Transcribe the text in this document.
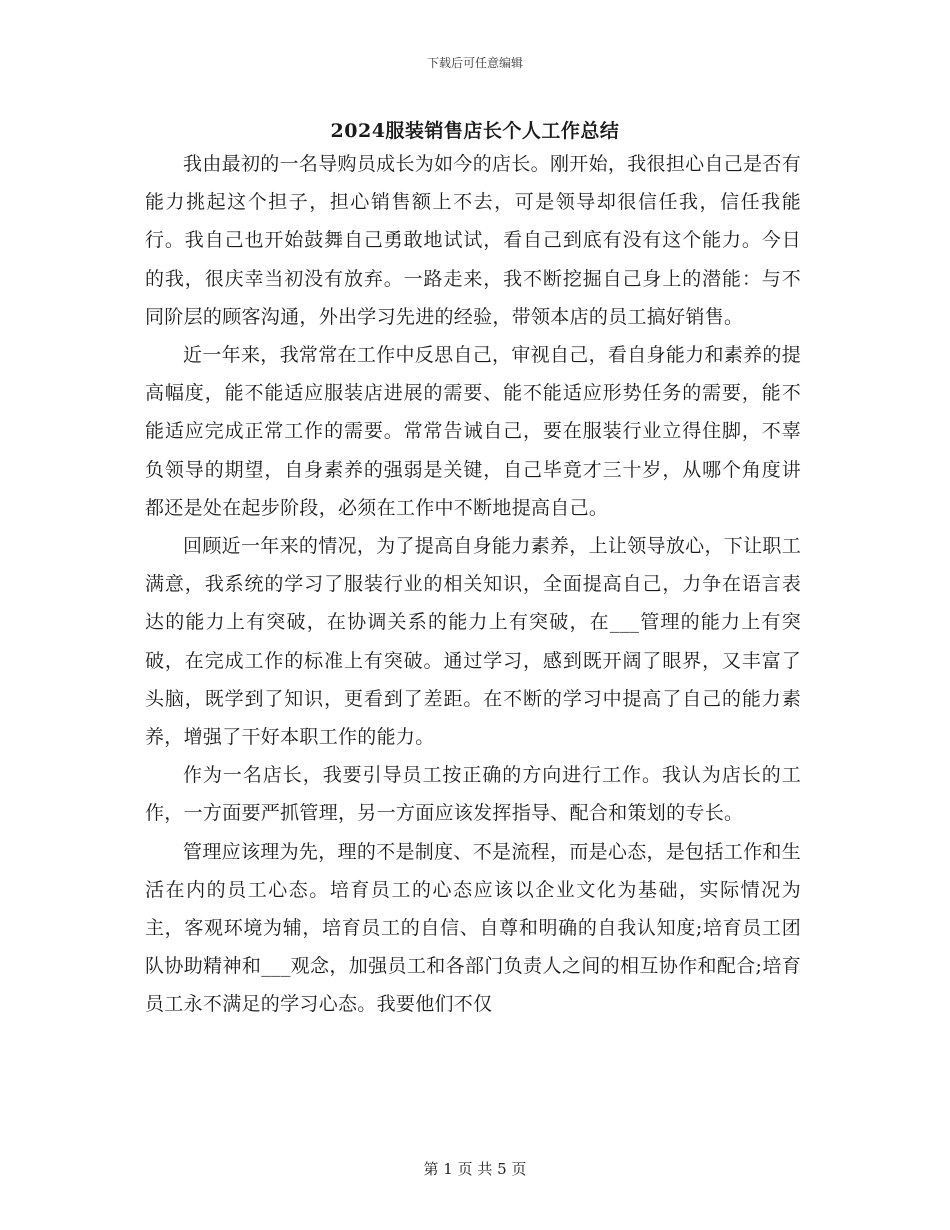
下载后可任意编辑
2024服装销售店长个人工作总结

我由最初的一名导购员成长为如今的店长。刚开始，我很担心自己是否有能力挑起这个担子，担心销售额上不去，可是领导却很信任我，信任我能行。我自己也开始鼓舞自己勇敢地试试，看自己到底有没有这个能力。今日的我，很庆幸当初没有放弃。一路走来，我不断挖掘自己身上的潜能：与不同阶层的顾客沟通，外出学习先进的经验，带领本店的员工搞好销售。

近一年来，我常常在工作中反思自己，审视自己，看自身能力和素养的提高幅度，能不能适应服装店进展的需要、能不能适应形势任务的需要，能不能适应完成正常工作的需要。常常告诫自己，要在服装行业立得住脚，不辜负领导的期望，自身素养的强弱是关键，自己毕竟才三十岁，从哪个角度讲都还是处在起步阶段，必须在工作中不断地提高自己。

回顾近一年来的情况，为了提高自身能力素养，上让领导放心，下让职工满意，我系统的学习了服装行业的相关知识，全面提高自己，力争在语言表达的能力上有突破，在协调关系的能力上有突破，在___管理的能力上有突破，在完成工作的标准上有突破。通过学习，感到既开阔了眼界，又丰富了头脑，既学到了知识，更看到了差距。在不断的学习中提高了自己的能力素养，增强了干好本职工作的能力。

作为一名店长，我要引导员工按正确的方向进行工作。我认为店长的工作，一方面要严抓管理，另一方面应该发挥指导、配合和策划的专长。

管理应该理为先，理的不是制度、不是流程，而是心态，是包括工作和生活在内的员工心态。培育员工的心态应该以企业文化为基础，实际情况为主，客观环境为辅，培育员工的自信、自尊和明确的自我认知度;培育员工团队协助精神和___观念，加强员工和各部门负责人之间的相互协作和配合;培育员工永不满足的学习心态。我要他们不仅

第 1 页 共 5 页
